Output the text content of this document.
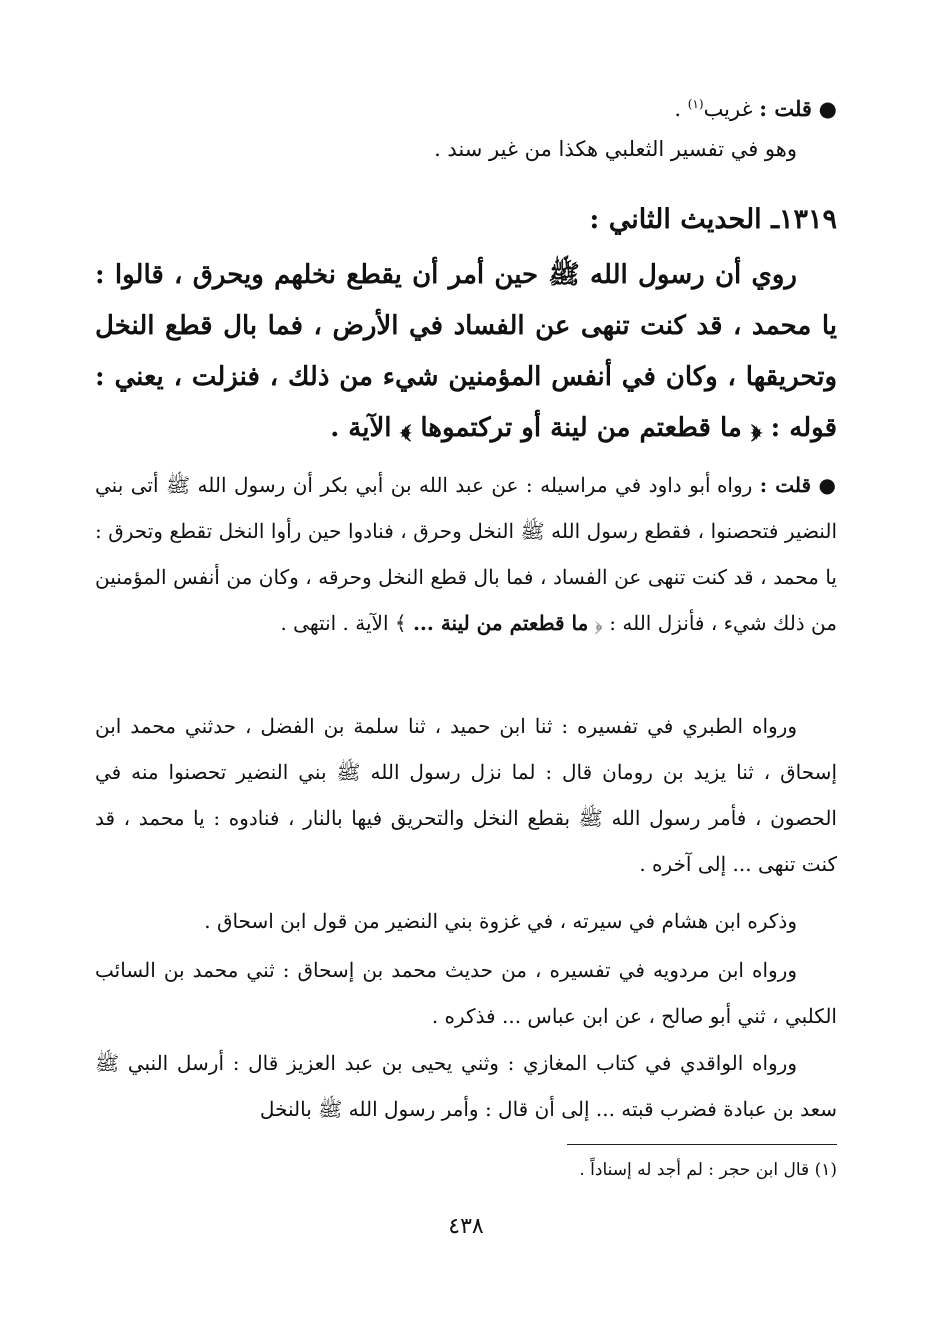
● قلت : غريب$^{(١)}$ .
وهو في تفسير الثعلبي هكذا من غير سند .
١٣١٩ـ الحديث الثاني :
روي أن رسول الله ﷺ حين أمر أن يقطع نخلهم ويحرق ، قالوا : يا محمد ، قد كنت تنهى عن الفساد في الأرض ، فما بال قطع النخل وتحريقها ، وكان في أنفس المؤمنين شيء من ذلك ، فنزلت ، يعني : قوله : ﴿ ما قطعتم من لينة أو تركتموها ﴾ الآية .
● قلت : رواه أبو داود في مراسيله : عن عبد الله بن أبي بكر أن رسول الله ﷺ أتى بني النضير فتحصنوا ، فقطع رسول الله ﷺ النخل وحرق ، فنادوا حين رأوا النخل تقطع وتحرق : يا محمد ، قد كنت تنهى عن الفساد ، فما بال قطع النخل وحرقه ، وكان من أنفس المؤمنين من ذلك شيء ، فأنزل الله : ﴿ ما قطعتم من لينة ... ﴾ الآية . انتهى .
ورواه الطبري في تفسيره : ثنا ابن حميد ، ثنا سلمة بن الفضل ، حدثني محمد ابن إسحاق ، ثنا يزيد بن رومان قال : لما نزل رسول الله ﷺ بني النضير تحصنوا منه في الحصون ، فأمر رسول الله ﷺ بقطع النخل والتحريق فيها بالنار ، فنادوه : يا محمد ، قد كنت تنهى ... إلى آخره .
وذكره ابن هشام في سيرته ، في غزوة بني النضير من قول ابن اسحاق .
ورواه ابن مردويه في تفسيره ، من حديث محمد بن إسحاق : ثني محمد بن السائب الكلبي ، ثني أبو صالح ، عن ابن عباس ... فذكره .
ورواه الواقدي في كتاب المغازي : وثني يحيى بن عبد العزيز قال : أرسل النبي ﷺ سعد بن عبادة فضرب قبته ... إلى أن قال : وأمر رسول الله ﷺ بالنخل
(١) قال ابن حجر : لم أجد له إسناداً .
٤٣٨
